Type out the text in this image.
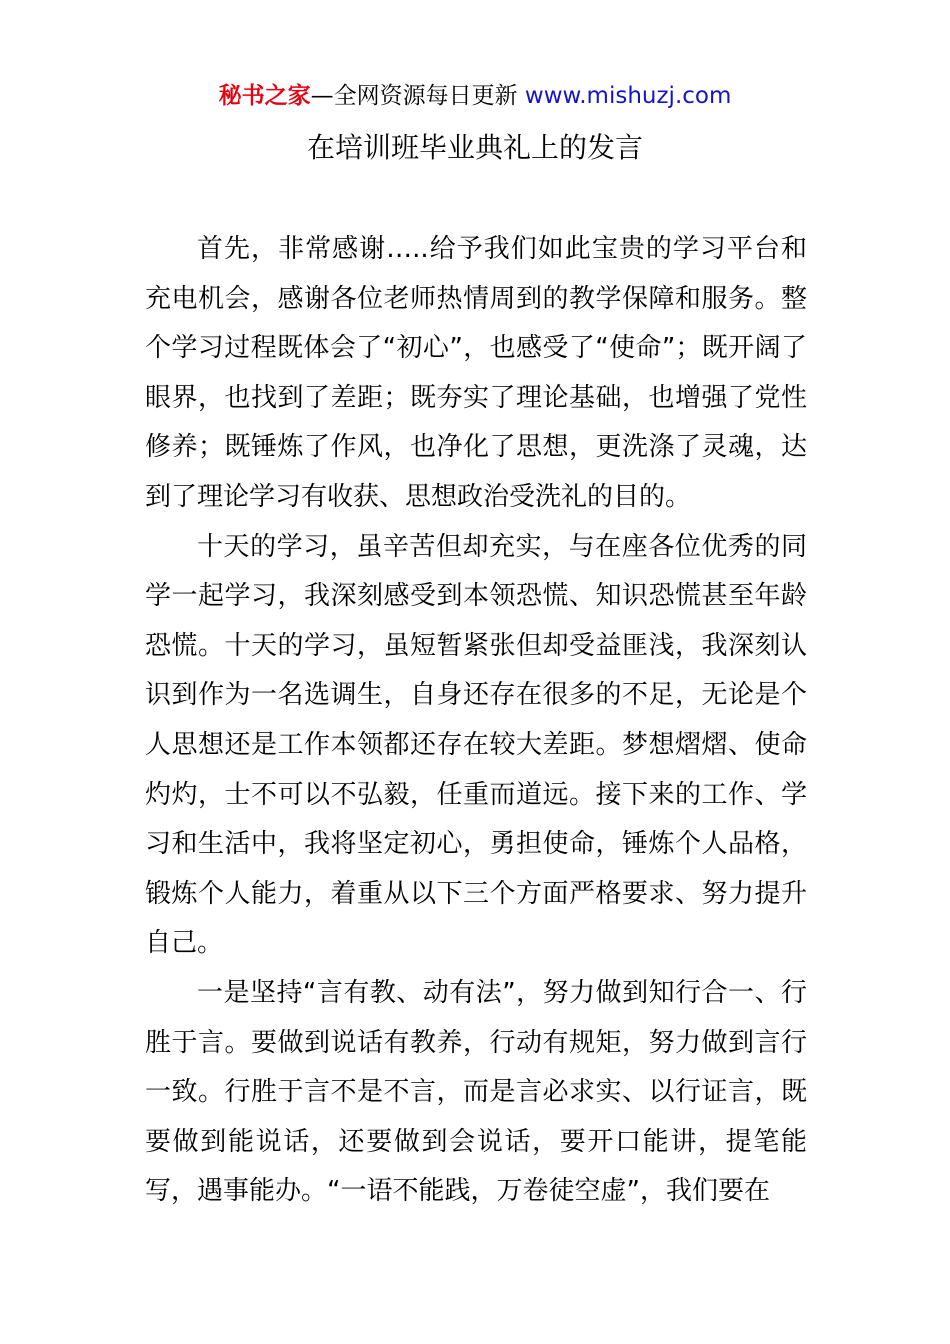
秘书之家—全网资源每日更新 www.mishuzj.com
在培训班毕业典礼上的发言

首先，非常感谢…..给予我们如此宝贵的学习平台和充电机会，感谢各位老师热情周到的教学保障和服务。整个学习过程既体会了“初心”，也感受了“使命”；既开阔了眼界，也找到了差距；既夯实了理论基础，也增强了党性修养；既锤炼了作风，也净化了思想，更洗涤了灵魂，达到了理论学习有收获、思想政治受洗礼的目的。

十天的学习，虽辛苦但却充实，与在座各位优秀的同学一起学习，我深刻感受到本领恐慌、知识恐慌甚至年龄恐慌。十天的学习，虽短暂紧张但却受益匪浅，我深刻认识到作为一名选调生，自身还存在很多的不足，无论是个人思想还是工作本领都还存在较大差距。梦想熠熠、使命灼灼，士不可以不弘毅，任重而道远。接下来的工作、学习和生活中，我将坚定初心，勇担使命，锤炼个人品格，锻炼个人能力，着重从以下三个方面严格要求、努力提升自己。

一是坚持“言有教、动有法”，努力做到知行合一、行胜于言。要做到说话有教养，行动有规矩，努力做到言行一致。行胜于言不是不言，而是言必求实、以行证言，既要做到能说话，还要做到会说话，要开口能讲，提笔能写，遇事能办。“一语不能践，万卷徒空虚”，我们要在
